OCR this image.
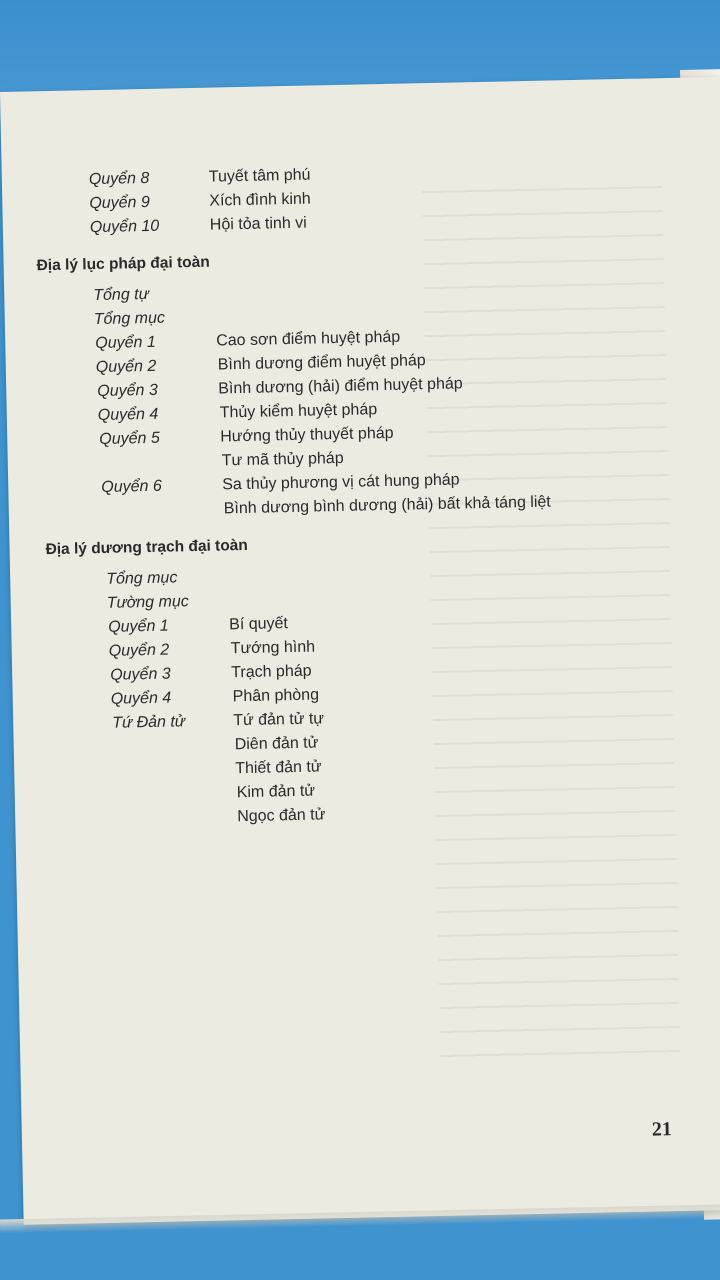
Quyển 8	Tuyết tâm phú
Quyển 9	Xích đình kinh
Quyển 10	Hội tỏa tinh vi
Địa lý lục pháp đại toàn
Tổng tự
Tổng mục
Quyển 1	Cao sơn điểm huyệt pháp
Quyển 2	Bình dương điểm huyệt pháp
Quyển 3	Bình dương (hải) điểm huyệt pháp
Quyển 4	Thủy kiểm huyệt pháp
Quyển 5	Hướng thủy thuyết pháp
Tư mã thủy pháp
Quyển 6	Sa thủy phương vị cát hung pháp
Bình dương bình dương (hải) bất khả táng liệt
Địa lý dương trạch đại toàn
Tổng mục
Tường mục
Quyển 1	Bí quyết
Quyển 2	Tướng hình
Quyển 3	Trạch pháp
Quyển 4	Phân phòng
Tứ Đản tử	Tứ đản tử tự
Diên đản tử
Thiết đản tử
Kim đản tử
Ngọc đản tử
21
